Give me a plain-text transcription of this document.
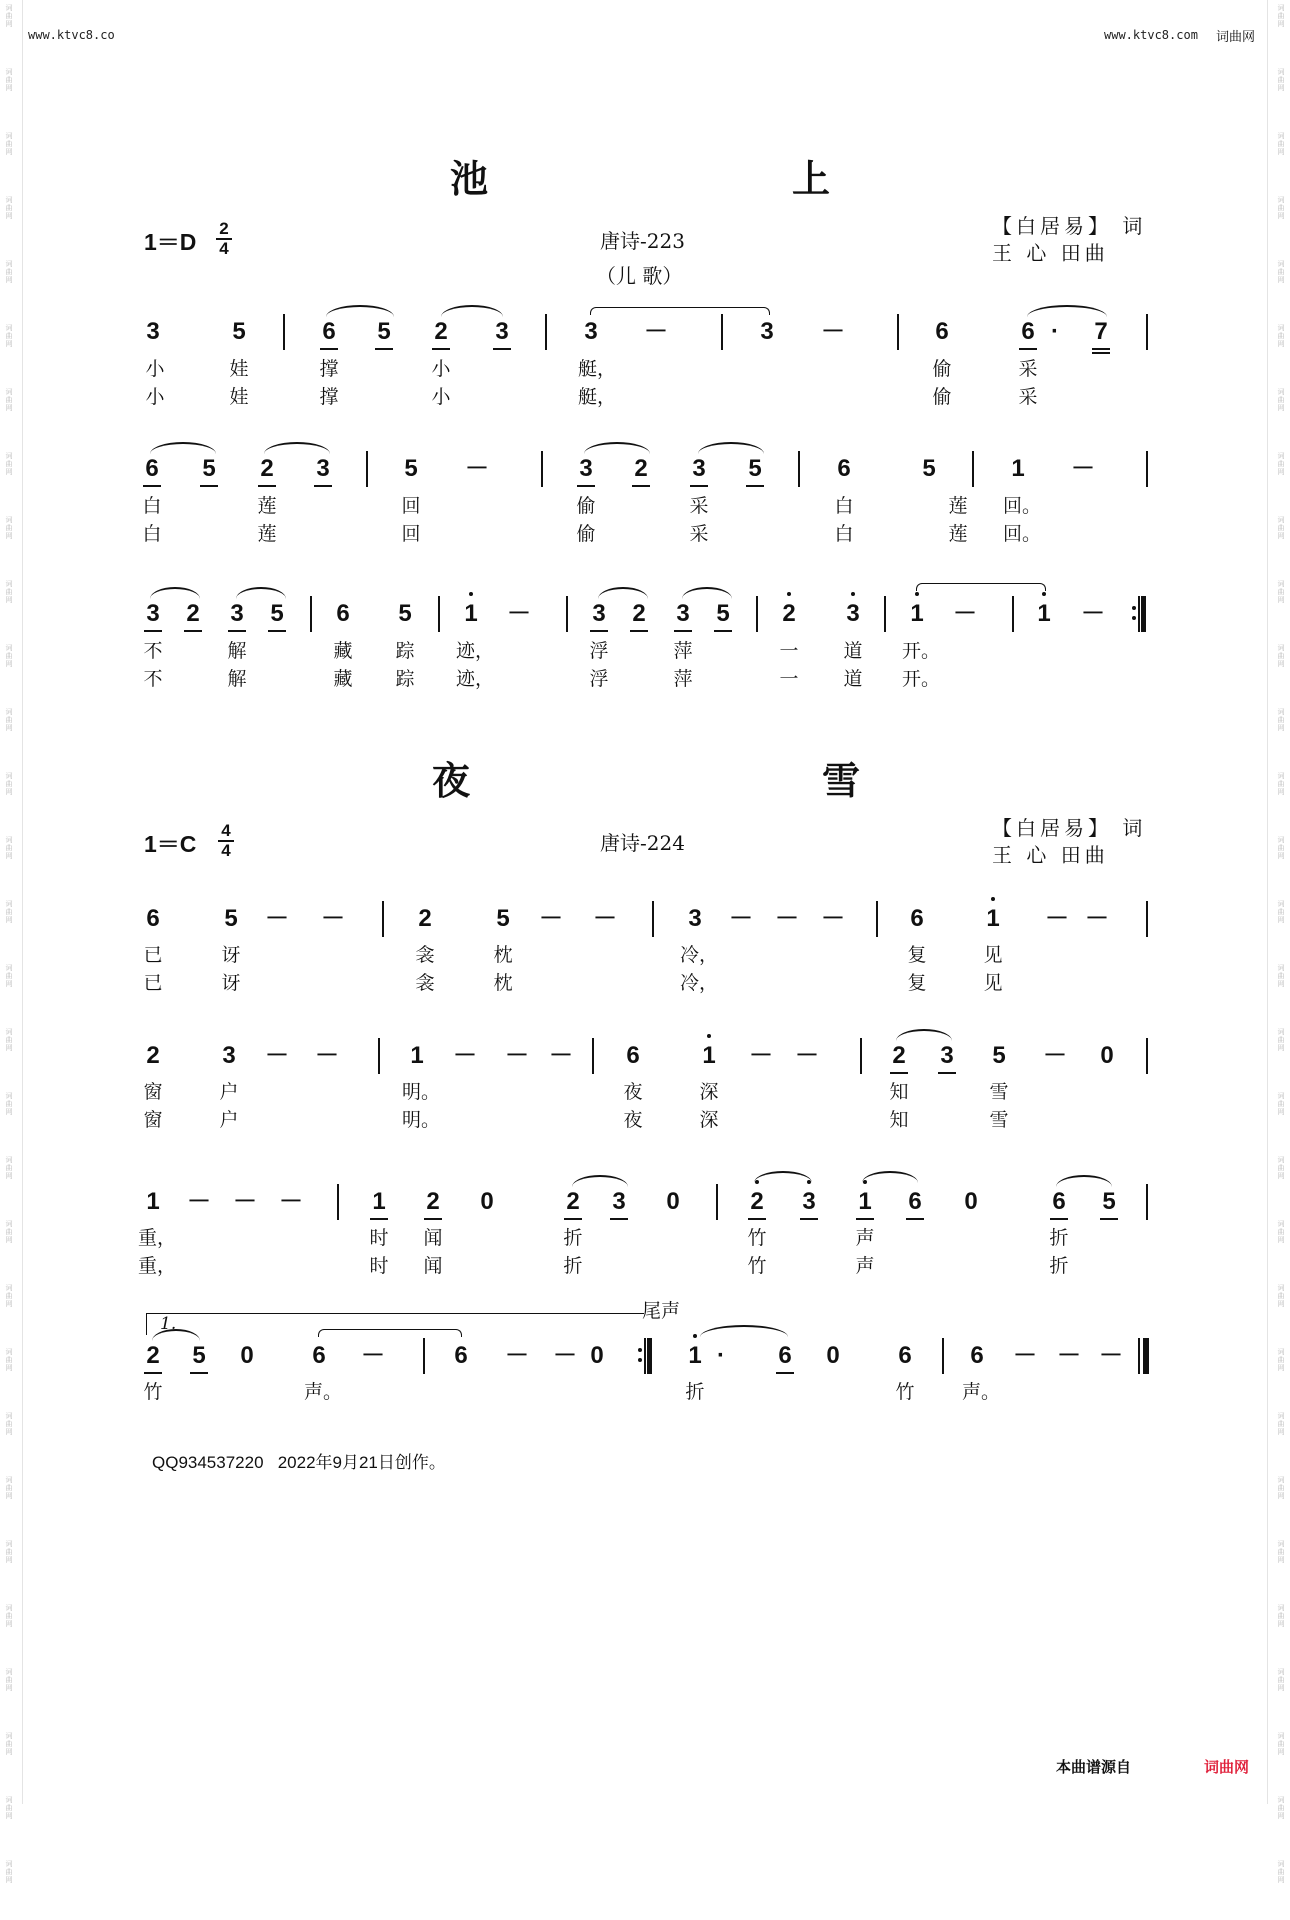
词
曲
网
词
曲
网
词
曲
网
词
曲
网
词
曲
网
词
曲
网
词
曲
网
词
曲
网
词
曲
网
词
曲
网
词
曲
网
词
曲
网
词
曲
网
词
曲
网
词
曲
网
词
曲
网
词
曲
网
词
曲
网
词
曲
网
词
曲
网
词
曲
网
词
曲
网
词
曲
网
词
曲
网
词
曲
网
词
曲
网
词
曲
网
词
曲
网
词
曲
网
词
曲
网
词
曲
网
词
曲
网
词
曲
网
词
曲
网
词
曲
网
词
曲
网
词
曲
网
词
曲
网
词
曲
网
词
曲
网
词
曲
网
词
曲
网
词
曲
网
词
曲
网
词
曲
网
词
曲
网
词
曲
网
词
曲
网
词
曲
网
词
曲
网
词
曲
网
词
曲
网
词
曲
网
词
曲
网
词
曲
网
词
曲
网
词
曲
网
词
曲
网
词
曲
网
词
曲
网
www.ktvc8.co	www.ktvc8.com 词曲网
池	上
1＝D
2
4	唐诗-223
（儿 歌）
【白居易】 词
王 心 田曲
3	5	6	5	2	3	3	－	3	－	6	6 ·	7
小	娃	撑	小	艇，	偷	采
小	娃	撑	小	艇，	偷	采
6	5	2	3	5	－	3	2	3	5	6	5	1	－
白	莲	回	偷	采	白	莲 回。
白	莲	回	偷	采	白	莲 回。
3	2	3	5	6	5	1	－	3	2	3	5	2	3	1	－	1	－
不	解	藏 踪 迹，	浮	萍	一 道 开。
不	解	藏 踪 迹，	浮	萍	一 道 开。
夜	雪
1＝C
4
4	唐诗-224
【白居易】 词
王 心 田曲
6	5	－ －	2	5	－ －	3	－ － －	6	1	－ －
已	讶	衾	枕	冷，	复	见
已	讶	衾	枕	冷，	复	见
2	3	－ －	1	－ － －	6	1	－ －	2	3	5	－	0
窗	户	明。	夜	深	知	雪
窗	户	明。	夜	深	知	雪
1	－ － －	1	2	0	2	3	0	2	3	1	6	0	6	5
重，	时 闻	折	竹	声	折
重，	时 闻	折	竹	声	折
1.
尾声
2	5	0	6	－	6	－ － 0	1 ·	6	0	6	6	－ － －
竹	声。	折	竹	声。
QQ934537220   2022年9月21日创作。
本曲谱源自	词曲网
